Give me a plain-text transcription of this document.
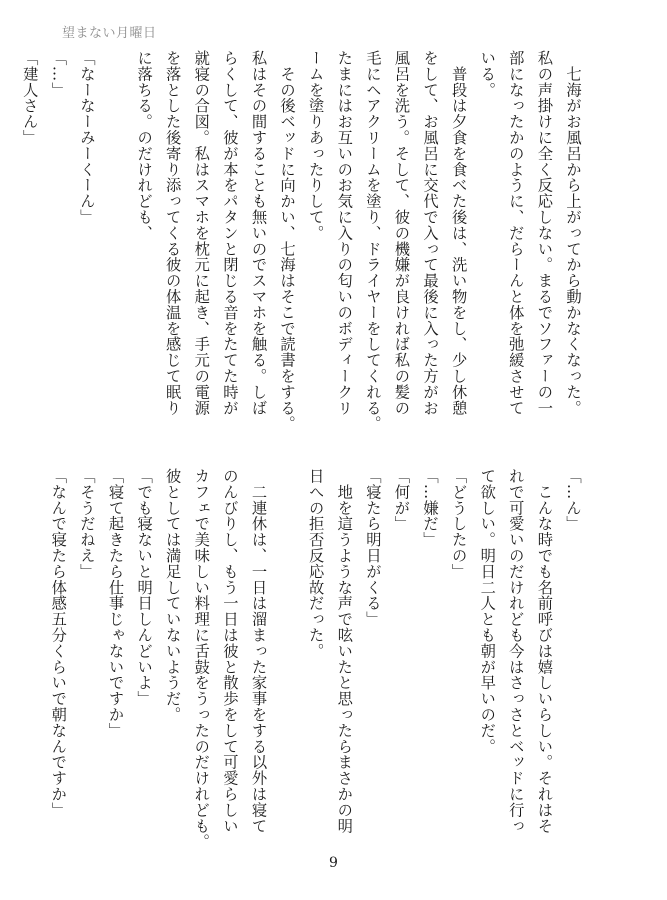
望まない月曜日
　七海がお風呂から上がってから動かなくなった。
私の声掛けに全く反応しない。まるでソファーの一
部になったかのように、だらーんと体を弛緩させて
いる。
　普段は夕食を食べた後は、洗い物をし、少し休憩
をして、お風呂に交代で入って最後に入った方がお
風呂を洗う。そして、彼の機嫌が良ければ私の髪の
毛にヘアクリームを塗り、ドライヤーをしてくれる。
たまにはお互いのお気に入りの匂いのボディークリ
ームを塗りあったりして。
　その後ベッドに向かい、七海はそこで読書をする。
私はその間することも無いのでスマホを触る。しば
らくして、彼が本をパタンと閉じる音をたてた時が
就寝の合図。私はスマホを枕元に起き、手元の電源
を落とした後寄り添ってくる彼の体温を感じて眠り
に落ちる。のだけれども、

「なーなーみーくーん」
「…」
「建人さん」
「…ん」
　こんな時でも名前呼びは嬉しいらしい。それはそ
れで可愛いのだけれども今はさっさとベッドに行っ
て欲しい。明日二人とも朝が早いのだ。
「どうしたの」
「…嫌だ」
「何が」
「寝たら明日がくる」
　地を這うような声で呟いたと思ったらまさかの明
日への拒否反応故だった。

　二連休は、一日は溜まった家事をする以外は寝て
のんびりし、もう一日は彼と散歩をして可愛らしい
カフェで美味しい料理に舌鼓をうったのだけれども。
彼としては満足していないようだ。
「でも寝ないと明日しんどいよ」
「寝て起きたら仕事じゃないですか」
「そうだねえ」
「なんで寝たら体感五分くらいで朝なんですか」
9
